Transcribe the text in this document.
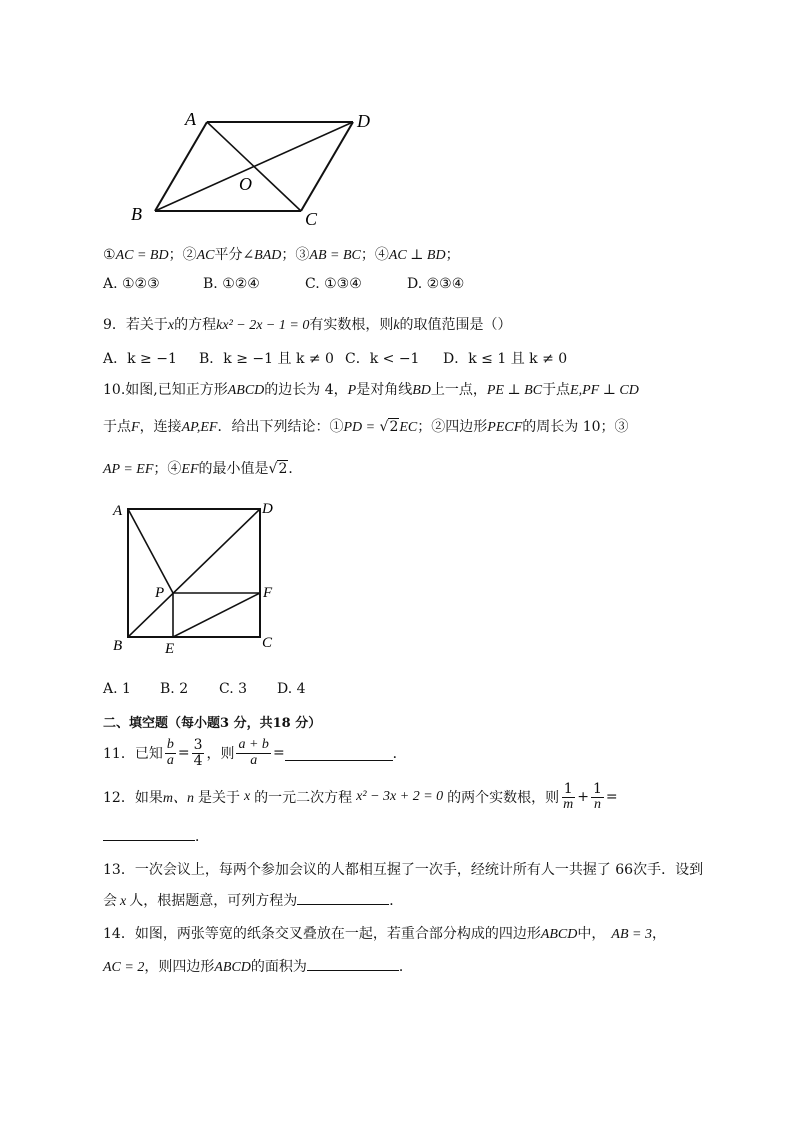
A	D
O
B	C
①AC = BD；②AC平分∠BAD；③AB = BC；④AC ⊥ BD；
A. ①②③	B. ①②④	C. ①③④	D. ②③④
9．若关于x的方程kx² − 2x − 1 = 0有实数根，则k的取值范围是（）
A．k ≥ −1 B．k ≥ −1 且 k ≠ 0 C．k < −1 D．k ≤ 1 且 k ≠ 0
10.如图,已知正方形ABCD的边长为 4，P是对角线BD上一点，PE ⊥ BC于点E,PF ⊥ CD
于点F，连接AP,EF．给出下列结论：①PD = √2EC；②四边形PECF的周长为 10；③
AP = EF；④EF的最小值是√2．
A	D
P	F
B	E	C
A. 1 B. 2 C. 3 D. 4
二、填空题（每小题3 分，共18 分）
11．已知 $\frac{b}{a} = \frac{3}{4}$ ，则 $\frac{a + b}{a}$ =	．
12．如果 m、n 是关于 x 的一元二次方程 x² − 3x + 2 = 0 的两个实数根，则 $\frac{1}{m} + \frac{1}{n}$ =
．
13．一次会议上，每两个参加会议的人都相互握了一次手，经统计所有人一共握了 66次手．设到
会 x 人，根据题意，可列方程为	．
14．如图，两张等宽的纸条交叉叠放在一起，若重合部分构成的四边形ABCD中， AB = 3，
AC = 2，则四边形ABCD的面积为	．
